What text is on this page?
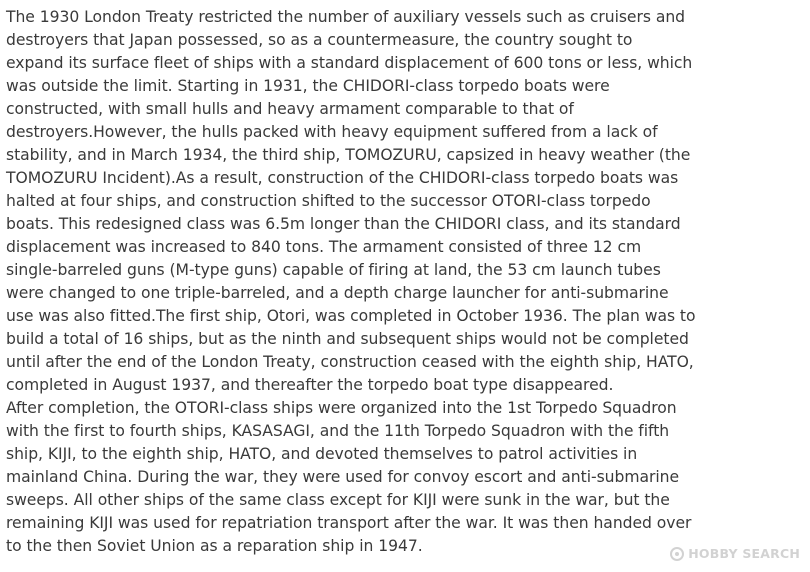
The 1930 London Treaty restricted the number of auxiliary vessels such as cruisers and
destroyers that Japan possessed, so as a countermeasure, the country sought to
expand its surface fleet of ships with a standard displacement of 600 tons or less, which
was outside the limit. Starting in 1931, the CHIDORI-class torpedo boats were
constructed, with small hulls and heavy armament comparable to that of
destroyers.However, the hulls packed with heavy equipment suffered from a lack of
stability, and in March 1934, the third ship, TOMOZURU, capsized in heavy weather (the
TOMOZURU Incident).As a result, construction of the CHIDORI-class torpedo boats was
halted at four ships, and construction shifted to the successor OTORI-class torpedo
boats. This redesigned class was 6.5m longer than the CHIDORI class, and its standard
displacement was increased to 840 tons. The armament consisted of three 12 cm
single-barreled guns (M-type guns) capable of firing at land, the 53 cm launch tubes
were changed to one triple-barreled, and a depth charge launcher for anti-submarine
use was also fitted.The first ship, Otori, was completed in October 1936. The plan was to
build a total of 16 ships, but as the ninth and subsequent ships would not be completed
until after the end of the London Treaty, construction ceased with the eighth ship, HATO,
completed in August 1937, and thereafter the torpedo boat type disappeared.
After completion, the OTORI-class ships were organized into the 1st Torpedo Squadron
with the first to fourth ships, KASASAGI, and the 11th Torpedo Squadron with the fifth
ship, KIJI, to the eighth ship, HATO, and devoted themselves to patrol activities in
mainland China. During the war, they were used for convoy escort and anti-submarine
sweeps. All other ships of the same class except for KIJI were sunk in the war, but the
remaining KIJI was used for repatriation transport after the war. It was then handed over
to the then Soviet Union as a reparation ship in 1947.	HOBBY SEARCH
